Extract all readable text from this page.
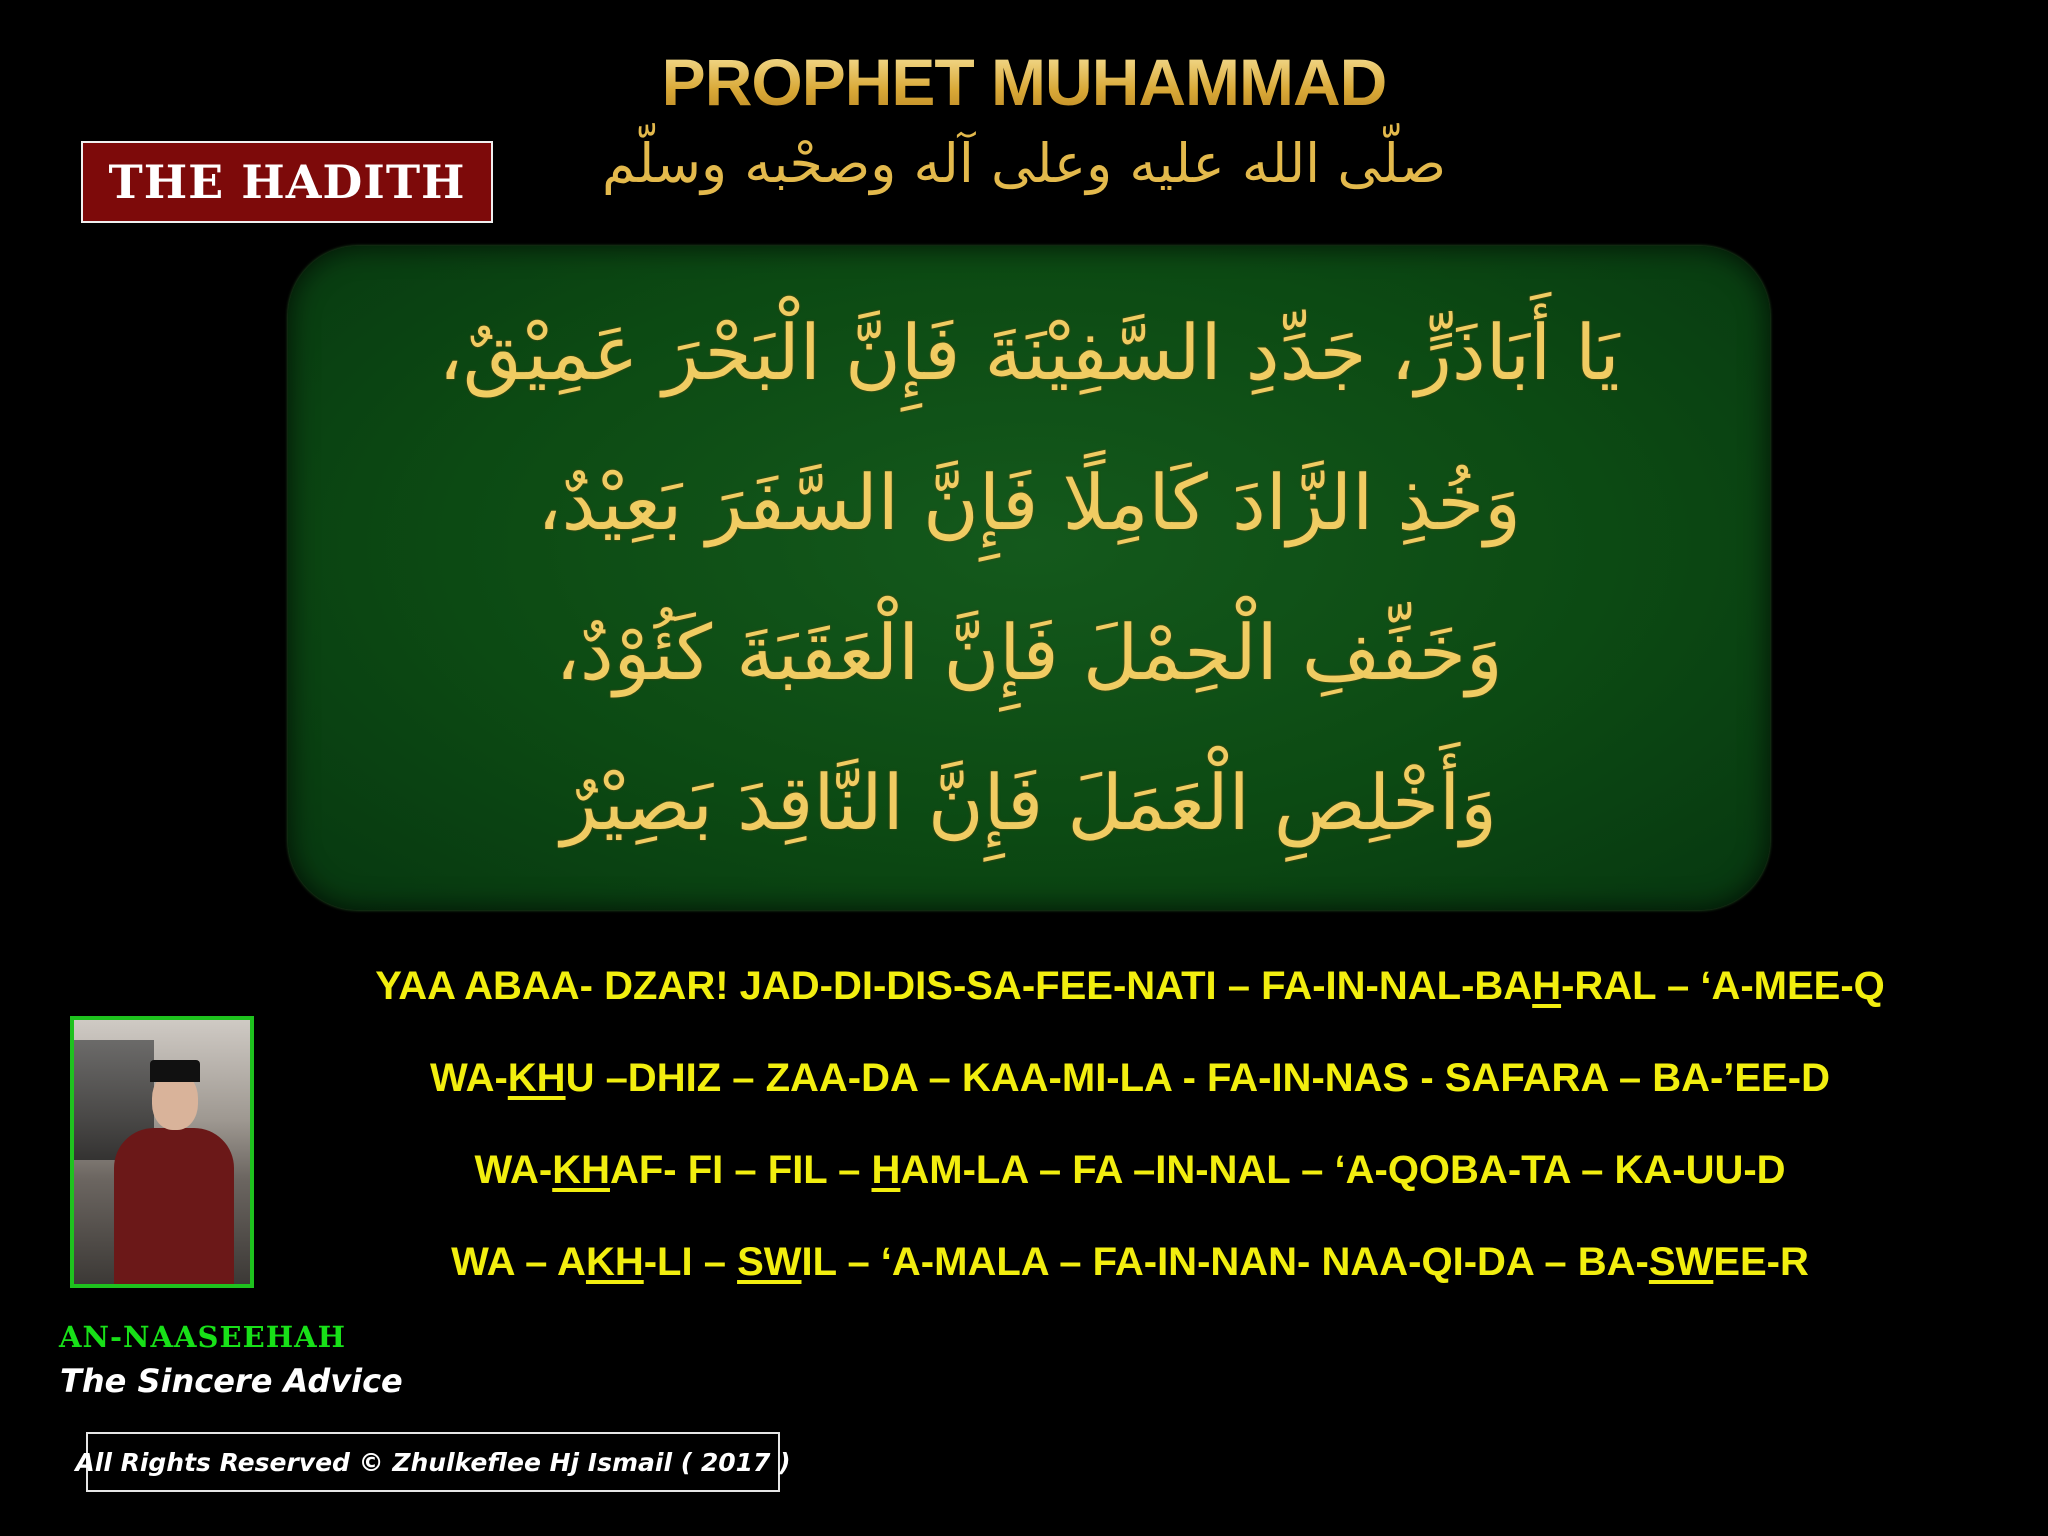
PROPHET MUHAMMAD
صلّى الله عليه وعلى آله وصحْبه وسلّم
THE HADITH
يَا أَبَاذَرٍّ، جَدِّدِ السَّفِيْنَةَ فَإِنَّ الْبَحْرَ عَمِيْقٌ،
وَخُذِ الزَّادَ كَامِلًا فَإِنَّ السَّفَرَ بَعِيْدٌ،
وَخَفِّفِ الْحِمْلَ فَإِنَّ الْعَقَبَةَ كَئُوْدٌ،
وَأَخْلِصِ الْعَمَلَ فَإِنَّ النَّاقِدَ بَصِيْرٌ
YAA ABAA- DZAR! JAD-DI-DIS-SA-FEE-NATI – FA-IN-NAL-BAH-RAL – ‘A-MEE-Q
WA-KHU –DHIZ – ZAA-DA – KAA-MI-LA - FA-IN-NAS - SAFARA – BA-’EE-D
WA-KHAF- FI – FIL – HAM-LA – FA –IN-NAL – ‘A-QOBA-TA – KA-UU-D
WA – AKH-LI – SWIL – ‘A-MALA – FA-IN-NAN- NAA-QI-DA – BA-SWEE-R
AN-NAASEEHAH
The Sincere Advice
All Rights Reserved © Zhulkeflee Hj Ismail ( 2017 )
